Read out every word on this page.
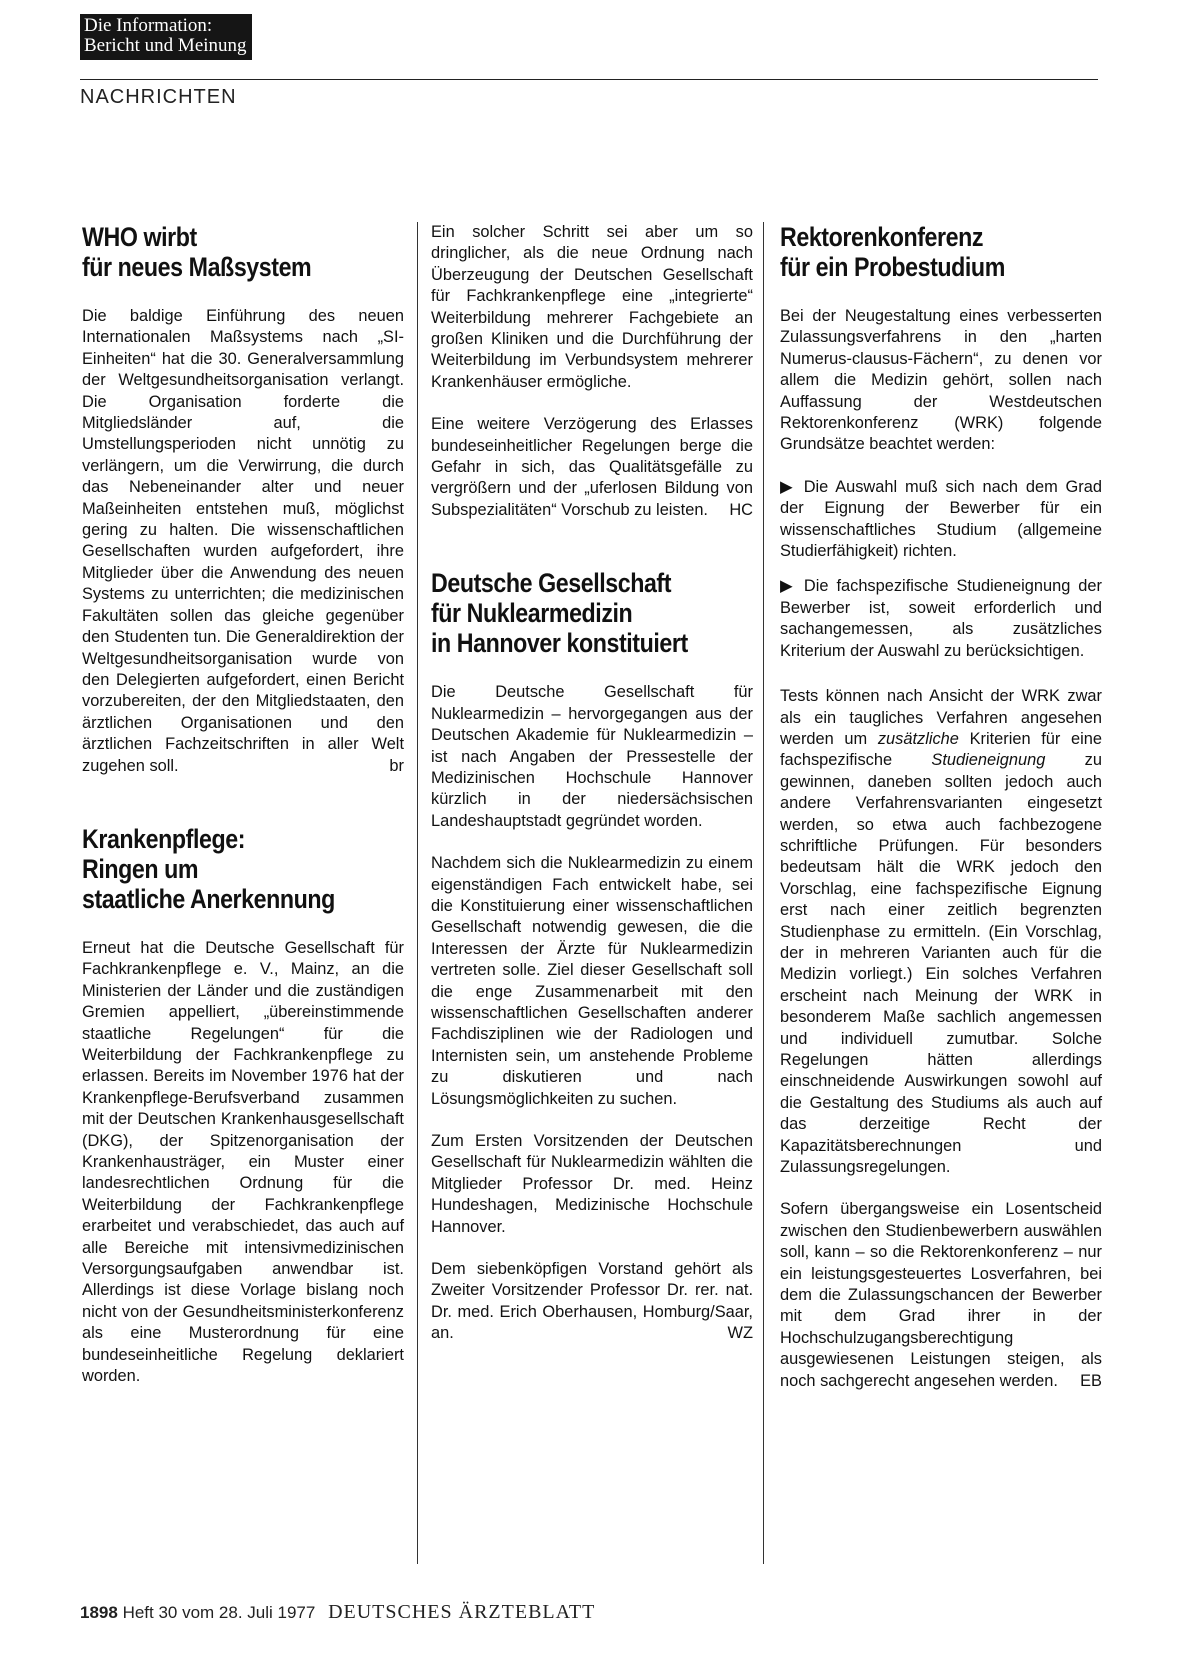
Die Information:
Bericht und Meinung
NACHRICHTEN
WHO wirbt
für neues Maßsystem

Die baldige Einführung des neuen Internationalen Maßsystems nach „SI-Einheiten“ hat die 30. Generalversammlung der Weltgesundheitsorganisation verlangt. Die Organisation forderte die Mitgliedsländer auf, die Umstellungsperioden nicht unnötig zu verlängern, um die Verwirrung, die durch das Nebeneinander alter und neuer Maßeinheiten entstehen muß, möglichst gering zu halten. Die wissenschaftlichen Gesellschaften wurden aufgefordert, ihre Mitglieder über die Anwendung des neuen Systems zu unterrichten; die medizinischen Fakultäten sollen das gleiche gegenüber den Studenten tun. Die Generaldirektion der Weltgesundheitsorganisation wurde von den Delegierten aufgefordert, einen Bericht vorzubereiten, der den Mitgliedstaaten, den ärztlichen Organisationen und den ärztlichen Fachzeitschriften in aller Welt zugehen soll.	br

Krankenpflege:
Ringen um
staatliche Anerkennung

Erneut hat die Deutsche Gesellschaft für Fachkrankenpflege e. V., Mainz, an die Ministerien der Länder und die zuständigen Gremien appelliert, „übereinstimmende staatliche Regelungen“ für die Weiterbildung der Fachkrankenpflege zu erlassen. Bereits im November 1976 hat der Krankenpflege-Berufsverband zusammen mit der Deutschen Krankenhausgesellschaft (DKG), der Spitzenorganisation der Krankenhausträger, ein Muster einer landesrechtlichen Ordnung für die Weiterbildung der Fachkrankenpflege erarbeitet und verabschiedet, das auch auf alle Bereiche mit intensivmedizinischen Versorgungsaufgaben anwendbar ist. Allerdings ist diese Vorlage bislang noch nicht von der Gesundheitsministerkonferenz als eine Musterordnung für eine bundeseinheitliche Regelung deklariert worden.

Ein solcher Schritt sei aber um so dringlicher, als die neue Ordnung nach Überzeugung der Deutschen Gesellschaft für Fachkrankenpflege eine „integrierte“ Weiterbildung mehrerer Fachgebiete an großen Kliniken und die Durchführung der Weiterbildung im Verbundsystem mehrerer Krankenhäuser ermögliche.

Eine weitere Verzögerung des Erlasses bundeseinheitlicher Regelungen berge die Gefahr in sich, das Qualitätsgefälle zu vergrößern und der „uferlosen Bildung von Subspezialitäten“ Vorschub zu leisten. HC

Deutsche Gesellschaft
für Nuklearmedizin
in Hannover konstituiert

Die Deutsche Gesellschaft für Nuklearmedizin – hervorgegangen aus der Deutschen Akademie für Nuklearmedizin – ist nach Angaben der Pressestelle der Medizinischen Hochschule Hannover kürzlich in der niedersächsischen Landeshauptstadt gegründet worden.

Nachdem sich die Nuklearmedizin zu einem eigenständigen Fach entwickelt habe, sei die Konstituierung einer wissenschaftlichen Gesellschaft notwendig gewesen, die die Interessen der Ärzte für Nuklearmedizin vertreten solle. Ziel dieser Gesellschaft soll die enge Zusammenarbeit mit den wissenschaftlichen Gesellschaften anderer Fachdisziplinen wie der Radiologen und Internisten sein, um anstehende Probleme zu diskutieren und nach Lösungsmöglichkeiten zu suchen.

Zum Ersten Vorsitzenden der Deutschen Gesellschaft für Nuklearmedizin wählten die Mitglieder Professor Dr. med. Heinz Hundeshagen, Medizinische Hochschule Hannover.

Dem siebenköpfigen Vorstand gehört als Zweiter Vorsitzender Professor Dr. rer. nat. Dr. med. Erich Oberhausen, Homburg/Saar, an.	WZ

Rektorenkonferenz
für ein Probestudium

Bei der Neugestaltung eines verbesserten Zulassungsverfahrens in den „harten Numerus-clausus-Fächern“, zu denen vor allem die Medizin gehört, sollen nach Auffassung der Westdeutschen Rektorenkonferenz (WRK) folgende Grundsätze beachtet werden:

▶ Die Auswahl muß sich nach dem Grad der Eignung der Bewerber für ein wissenschaftliches Studium (allgemeine Studierfähigkeit) richten.

▶ Die fachspezifische Studieneignung der Bewerber ist, soweit erforderlich und sachangemessen, als zusätzliches Kriterium der Auswahl zu berücksichtigen.

Tests können nach Ansicht der WRK zwar als ein taugliches Verfahren angesehen werden um zusätzliche Kriterien für eine fachspezifische Studieneignung zu gewinnen, daneben sollten jedoch auch andere Verfahrensvarianten eingesetzt werden, so etwa auch fachbezogene schriftliche Prüfungen. Für besonders bedeutsam hält die WRK jedoch den Vorschlag, eine fachspezifische Eignung erst nach einer zeitlich begrenzten Studienphase zu ermitteln. (Ein Vorschlag, der in mehreren Varianten auch für die Medizin vorliegt.) Ein solches Verfahren erscheint nach Meinung der WRK in besonderem Maße sachlich angemessen und individuell zumutbar. Solche Regelungen hätten allerdings einschneidende Auswirkungen sowohl auf die Gestaltung des Studiums als auch auf das derzeitige Recht der Kapazitätsberechnungen und Zulassungsregelungen.

Sofern übergangsweise ein Losentscheid zwischen den Studienbewerbern auswählen soll, kann – so die Rektorenkonferenz – nur ein leistungsgesteuertes Losverfahren, bei dem die Zulassungschancen der Bewerber mit dem Grad ihrer in der Hochschulzugangsberechtigung ausgewiesenen Leistungen steigen, als noch sachgerecht angesehen werden. EB

1898 Heft 30 vom 28. Juli 1977 DEUTSCHES ÄRZTEBLATT
